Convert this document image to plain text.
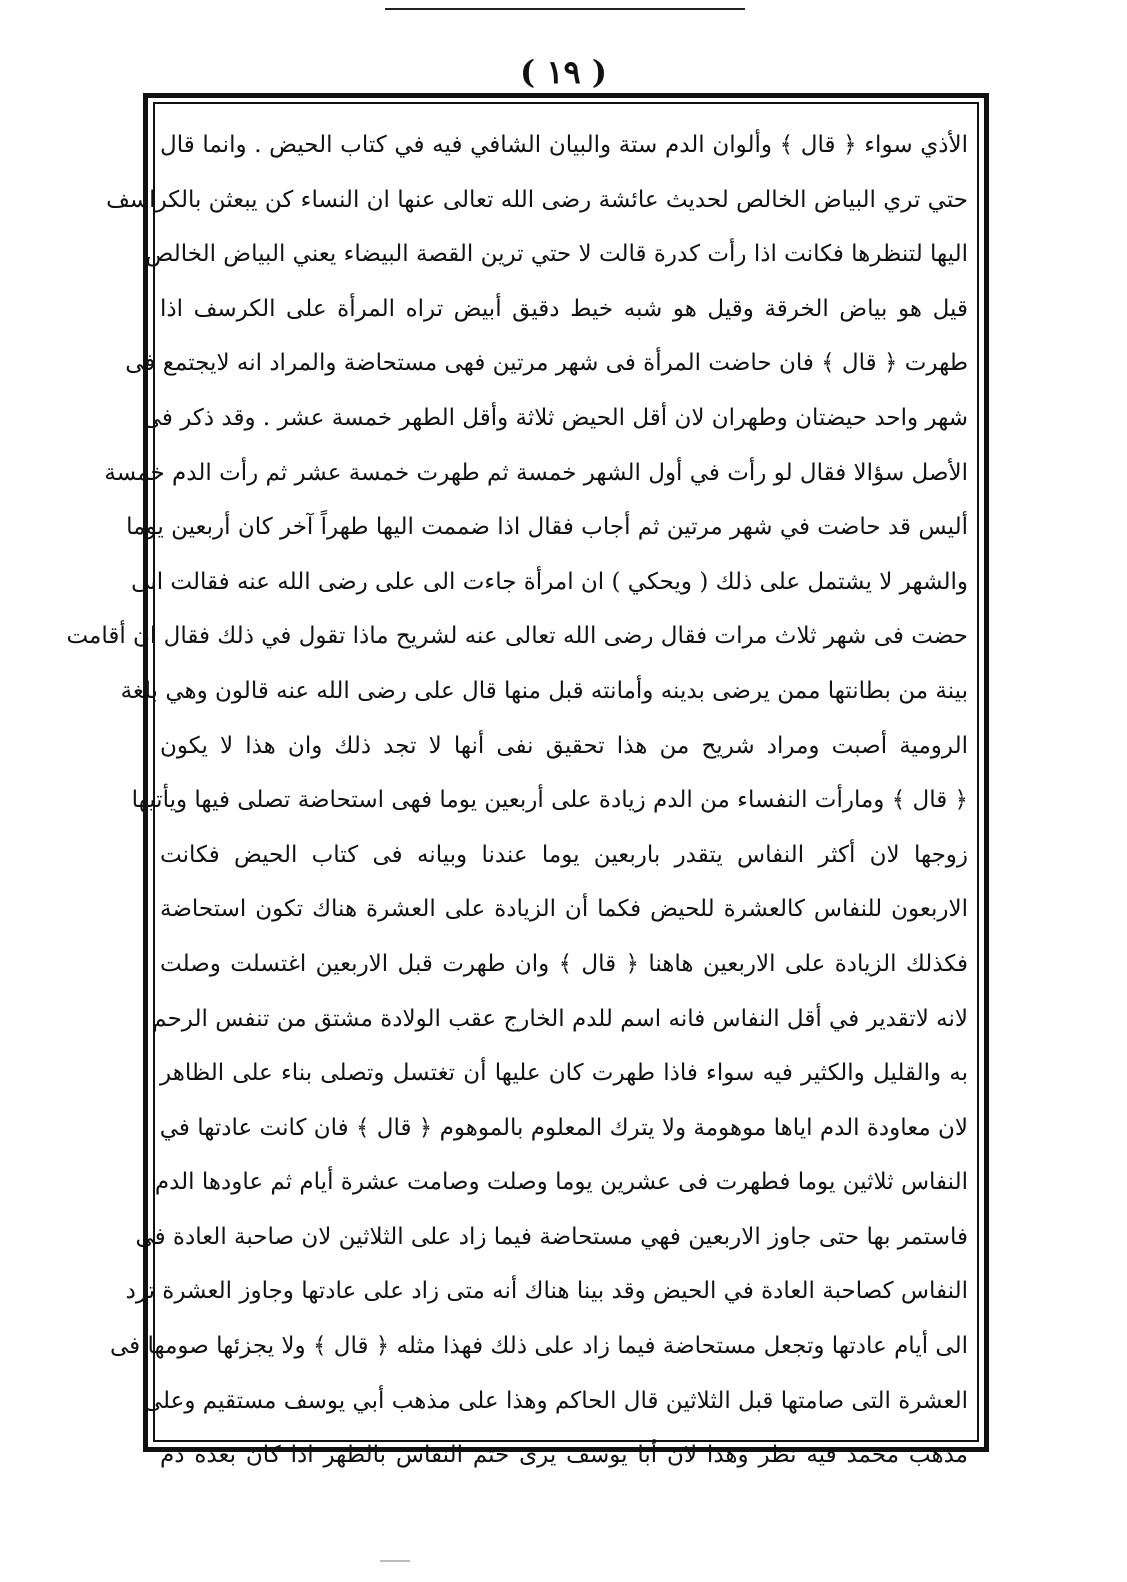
( ١٩ )
الأذي سواء ﴿ قال ﴾ وألوان الدم ستة والبيان الشافي فيه في كتاب الحيض . وانما قال
حتي تري البياض الخالص لحديث عائشة رضى الله تعالى عنها ان النساء كن يبعثن بالكراسف
اليها لتنظرها فكانت اذا رأت كدرة قالت لا حتي ترين القصة البيضاء يعني البياض الخالص
قيل هو بياض الخرقة وقيل هو شبه خيط دقيق أبيض تراه المرأة على الكرسف اذا
طهرت ﴿ قال ﴾ فان حاضت المرأة فى شهر مرتين فهى مستحاضة والمراد انه لايجتمع فى
شهر واحد حيضتان وطهران لان أقل الحيض ثلاثة وأقل الطهر خمسة عشر . وقد ذكر فى
الأصل سؤالا فقال لو رأت في أول الشهر خمسة ثم طهرت خمسة عشر ثم رأت الدم خمسة
أليس قد حاضت في شهر مرتين ثم أجاب فقال اذا ضممت اليها طهراً آخر كان أربعين يوما
والشهر لا يشتمل على ذلك ( ويحكي ) ان امرأة جاءت الى على رضى الله عنه فقالت انى
حضت فى شهر ثلاث مرات فقال رضى الله تعالى عنه لشريح ماذا تقول في ذلك فقال ان أقامت
بينة من بطانتها ممن يرضى بدينه وأمانته قبل منها قال على رضى الله عنه قالون وهي بلغة
الرومية أصبت ومراد شريح من هذا تحقيق نفى أنها لا تجد ذلك وان هذا لا يكون
﴿ قال ﴾ ومارأت النفساء من الدم زيادة على أربعين يوما فهى استحاضة تصلى فيها ويأتيها
زوجها لان أكثر النفاس يتقدر باربعين يوما عندنا وبيانه فى كتاب الحيض فكانت
الاربعون للنفاس كالعشرة للحيض فكما أن الزيادة على العشرة هناك تكون استحاضة
فكذلك الزيادة على الاربعين هاهنا ﴿ قال ﴾ وان طهرت قبل الاربعين اغتسلت وصلت
لانه لاتقدير في أقل النفاس فانه اسم للدم الخارج عقب الولادة مشتق من تنفس الرحم
به والقليل والكثير فيه سواء فاذا طهرت كان عليها أن تغتسل وتصلى بناء على الظاهر
لان معاودة الدم اياها موهومة ولا يترك المعلوم بالموهوم ﴿ قال ﴾ فان كانت عادتها في
النفاس ثلاثين يوما فطهرت فى عشرين يوما وصلت وصامت عشرة أيام ثم عاودها الدم
فاستمر بها حتى جاوز الاربعين فهي مستحاضة فيما زاد على الثلاثين لان صاحبة العادة فى
النفاس كصاحبة العادة في الحيض وقد بينا هناك أنه متى زاد على عادتها وجاوز العشرة ترد
الى أيام عادتها وتجعل مستحاضة فيما زاد على ذلك فهذا مثله ﴿ قال ﴾ ولا يجزئها صومها فى
العشرة التى صامتها قبل الثلاثين قال الحاكم وهذا على مذهب أبي يوسف مستقيم وعلى
مذهب محمد فيه نظر وهذا لان أبا يوسف يرى ختم النفاس بالطهر اذا كان بعده دم
